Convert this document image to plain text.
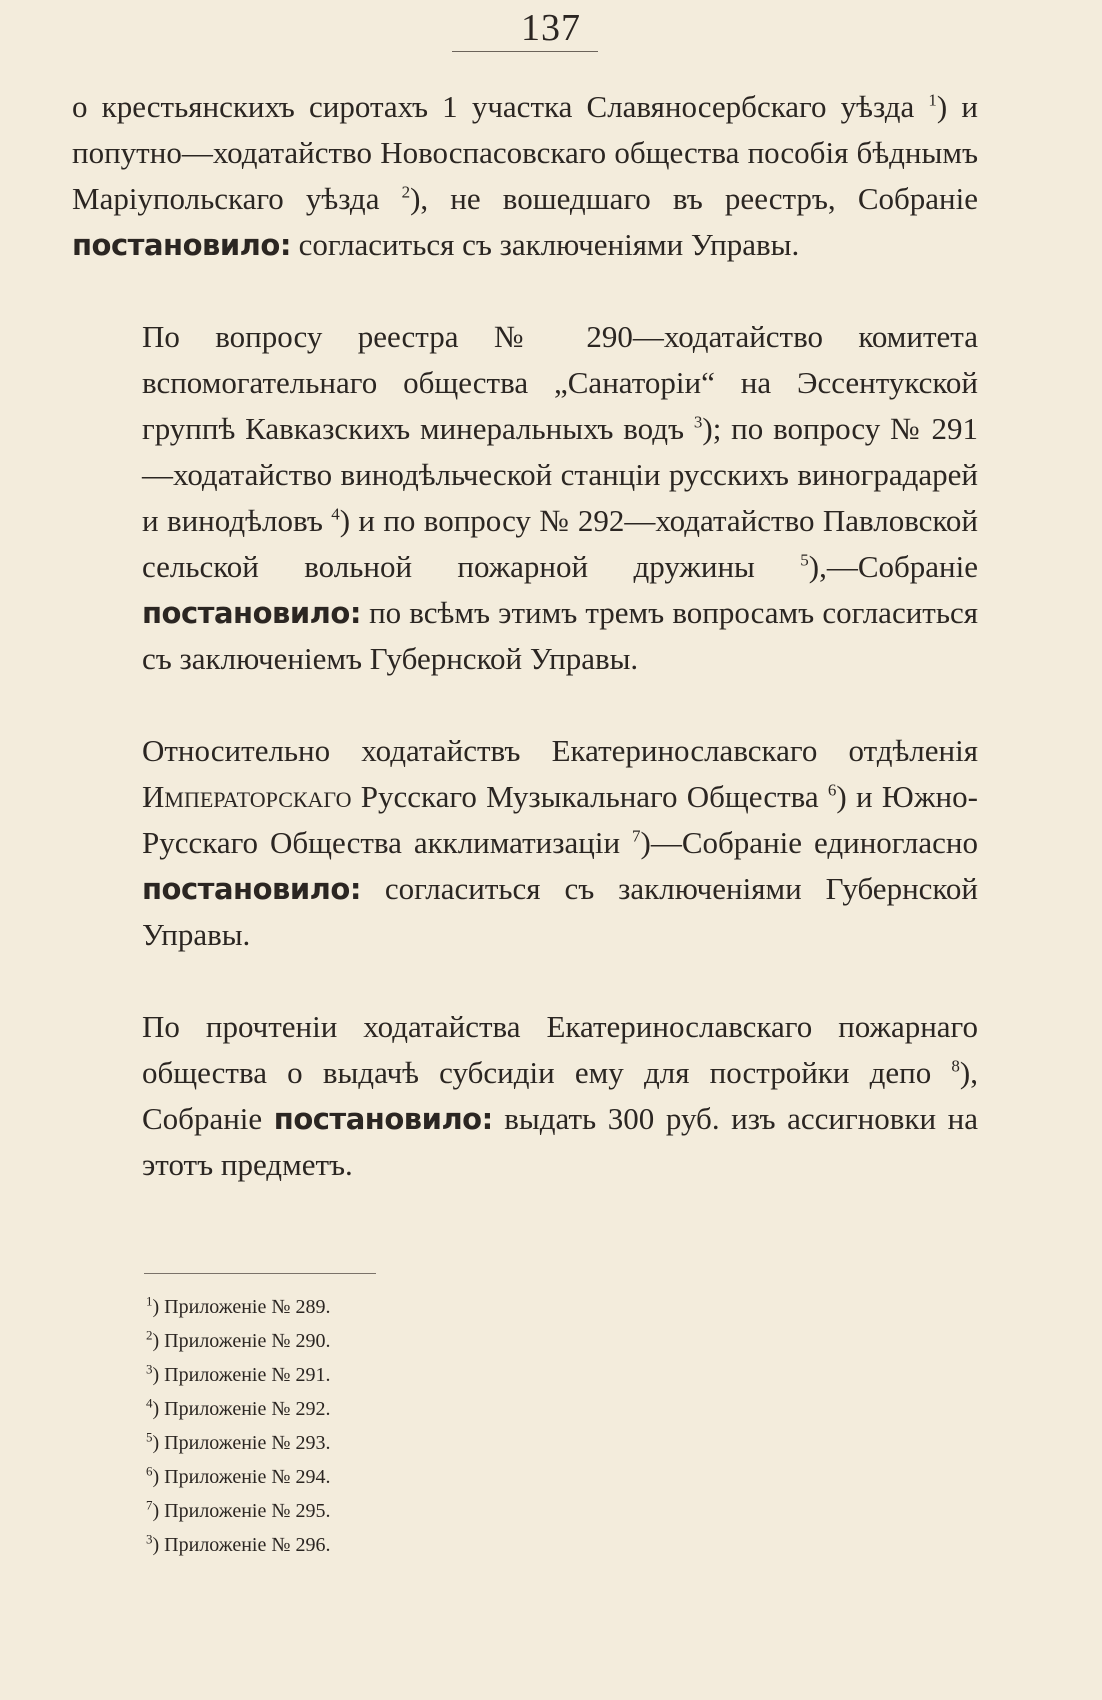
137

о крестьянскихъ сиротахъ 1 участка Славяносербскаго уѣзда $^1$) и попутно—ходатайство Новоспасовскаго общества пособія бѣднымъ Маріупольскаго уѣзда $^2$), не вошедшаго въ реестръ, Собраніе постановило: согласиться съ заключеніями Управы.

По вопросу реестра № 290—ходатайство комитета вспомогательнаго общества „Санаторіи“ на Эссентукской группѣ Кавказскихъ минеральныхъ водъ $^3$); по вопросу № 291—ходатайство винодѣльческой станціи русскихъ виноградарей и винодѣловъ $^4$) и по вопросу № 292—ходатайство Павловской сельской вольной пожарной дружины $^5$),—Собраніе постановило: по всѣмъ этимъ тремъ вопросамъ согласиться съ заключеніемъ Губернской Управы.

Относительно ходатайствъ Екатеринославскаго отдѣленія Императорскаго Русскаго Музыкальнаго Общества $^6$) и Южно-Русскаго Общества акклиматизаціи $^7$)—Собраніе единогласно постановило: согласиться съ заключеніями Губернской Управы.

По прочтеніи ходатайства Екатеринославскаго пожарнаго общества о выдачѣ субсидіи ему для постройки депо $^8$), Собраніе постановило: выдать 300 руб. изъ ассигновки на этотъ предметъ.

$^1$) Приложеніе № 289.
$^2$) Приложеніе № 290.
$^3$) Приложеніе № 291.
$^4$) Приложеніе № 292.
$^5$) Приложеніе № 293.
$^6$) Приложеніе № 294.
$^7$) Приложеніе № 295.
$^3$) Приложеніе № 296.
